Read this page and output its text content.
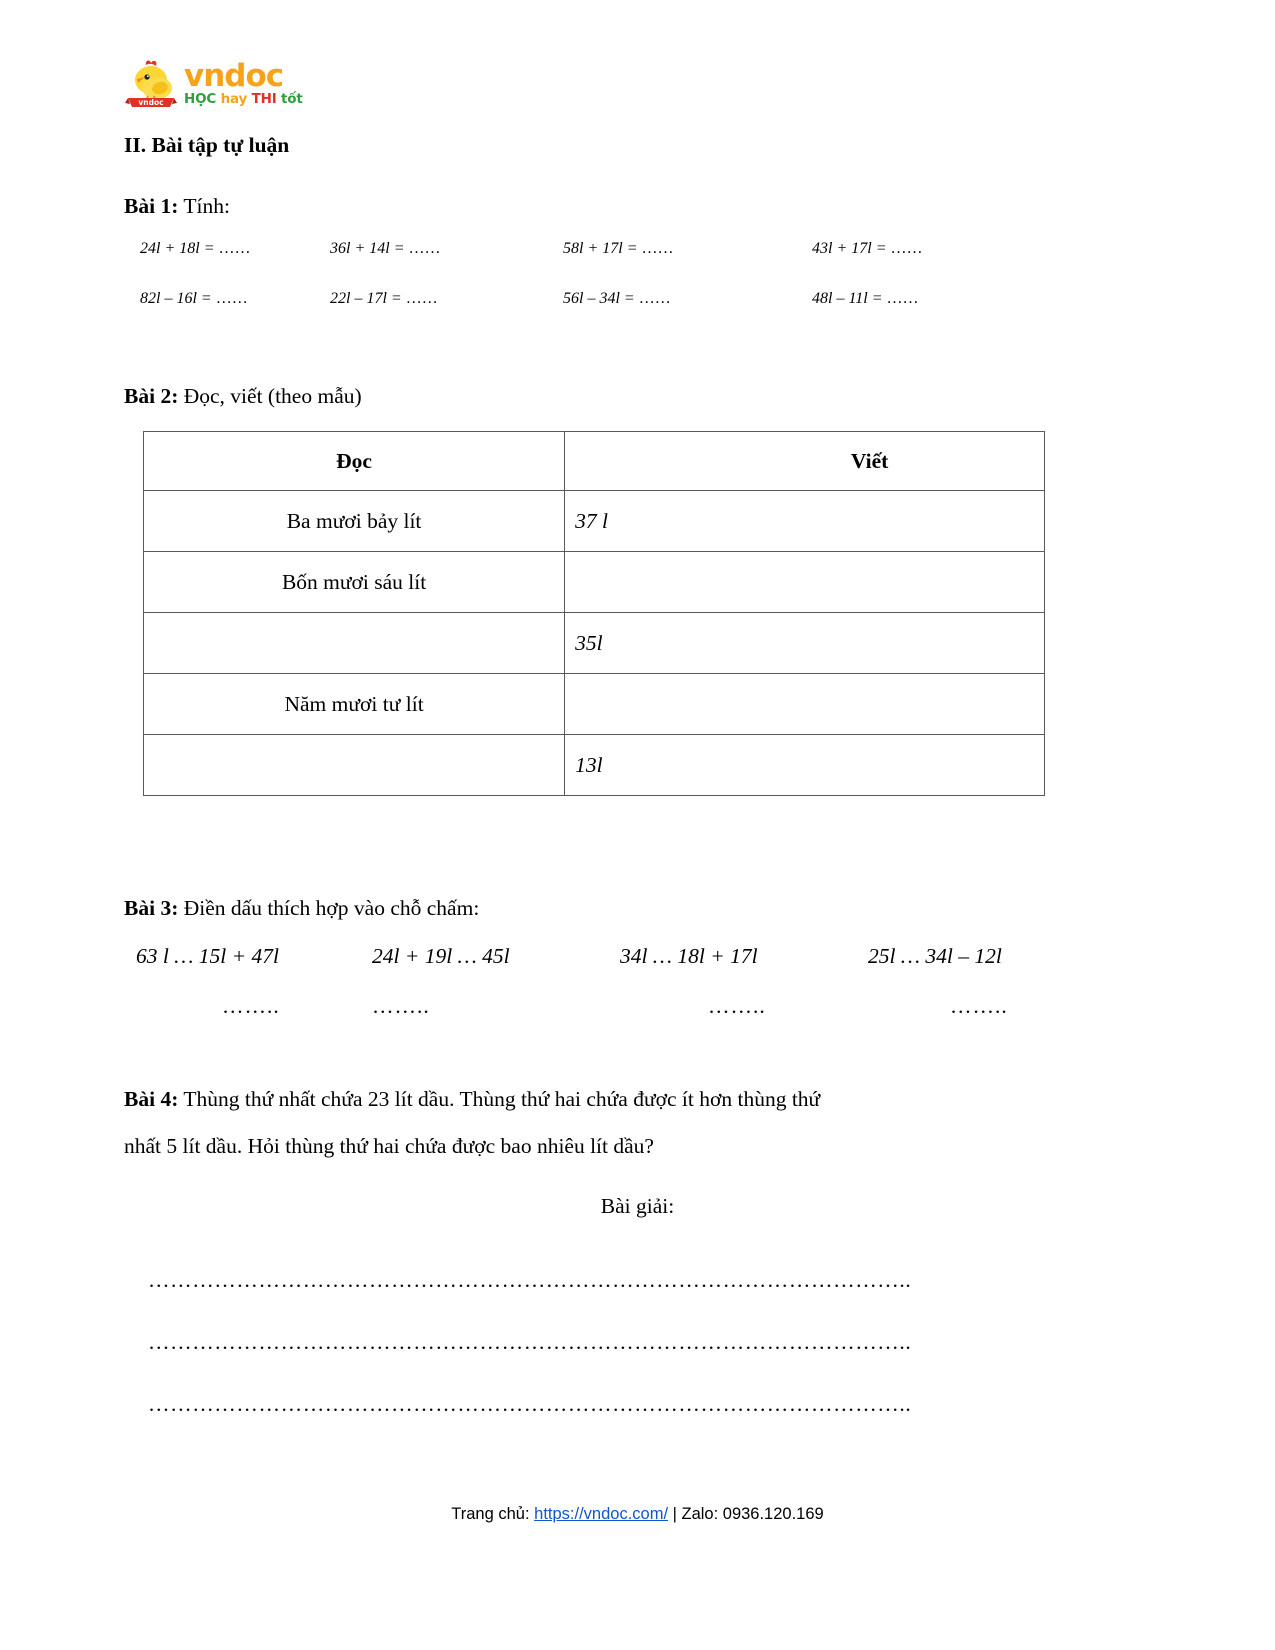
vndoc
vndoc
HỌC hay THI tốt
II. Bài tập tự luận
Bài 1: Tính:
24l + 18l = ……	36l + 14l = ……	58l + 17l = ……	43l + 17l = ……
82l – 16l = ……	22l – 17l = ……	56l – 34l = ……	48l – 11l = ……
Bài 2: Đọc, viết (theo mẫu)
Đọc	Viết
Ba mươi bảy lít	37 l
Bốn mươi sáu lít	
	35l
Năm mươi tư lít	
	13l
Bài 3: Điền dấu thích hợp vào chỗ chấm:
63 l … 15l + 47l	24l + 19l … 45l	34l … 18l + 17l	25l … 34l – 12l
……..	……..	……..	……..
Bài 4: Thùng thứ nhất chứa 23 lít dầu. Thùng thứ hai chứa được ít hơn thùng thứ
nhất 5 lít dầu. Hỏi thùng thứ hai chứa được bao nhiêu lít dầu?
Bài giải:
…………………………………………………………………………………………..
…………………………………………………………………………………………..
…………………………………………………………………………………………..
Trang chủ: https://vndoc.com/ | Zalo: 0936.120.169
